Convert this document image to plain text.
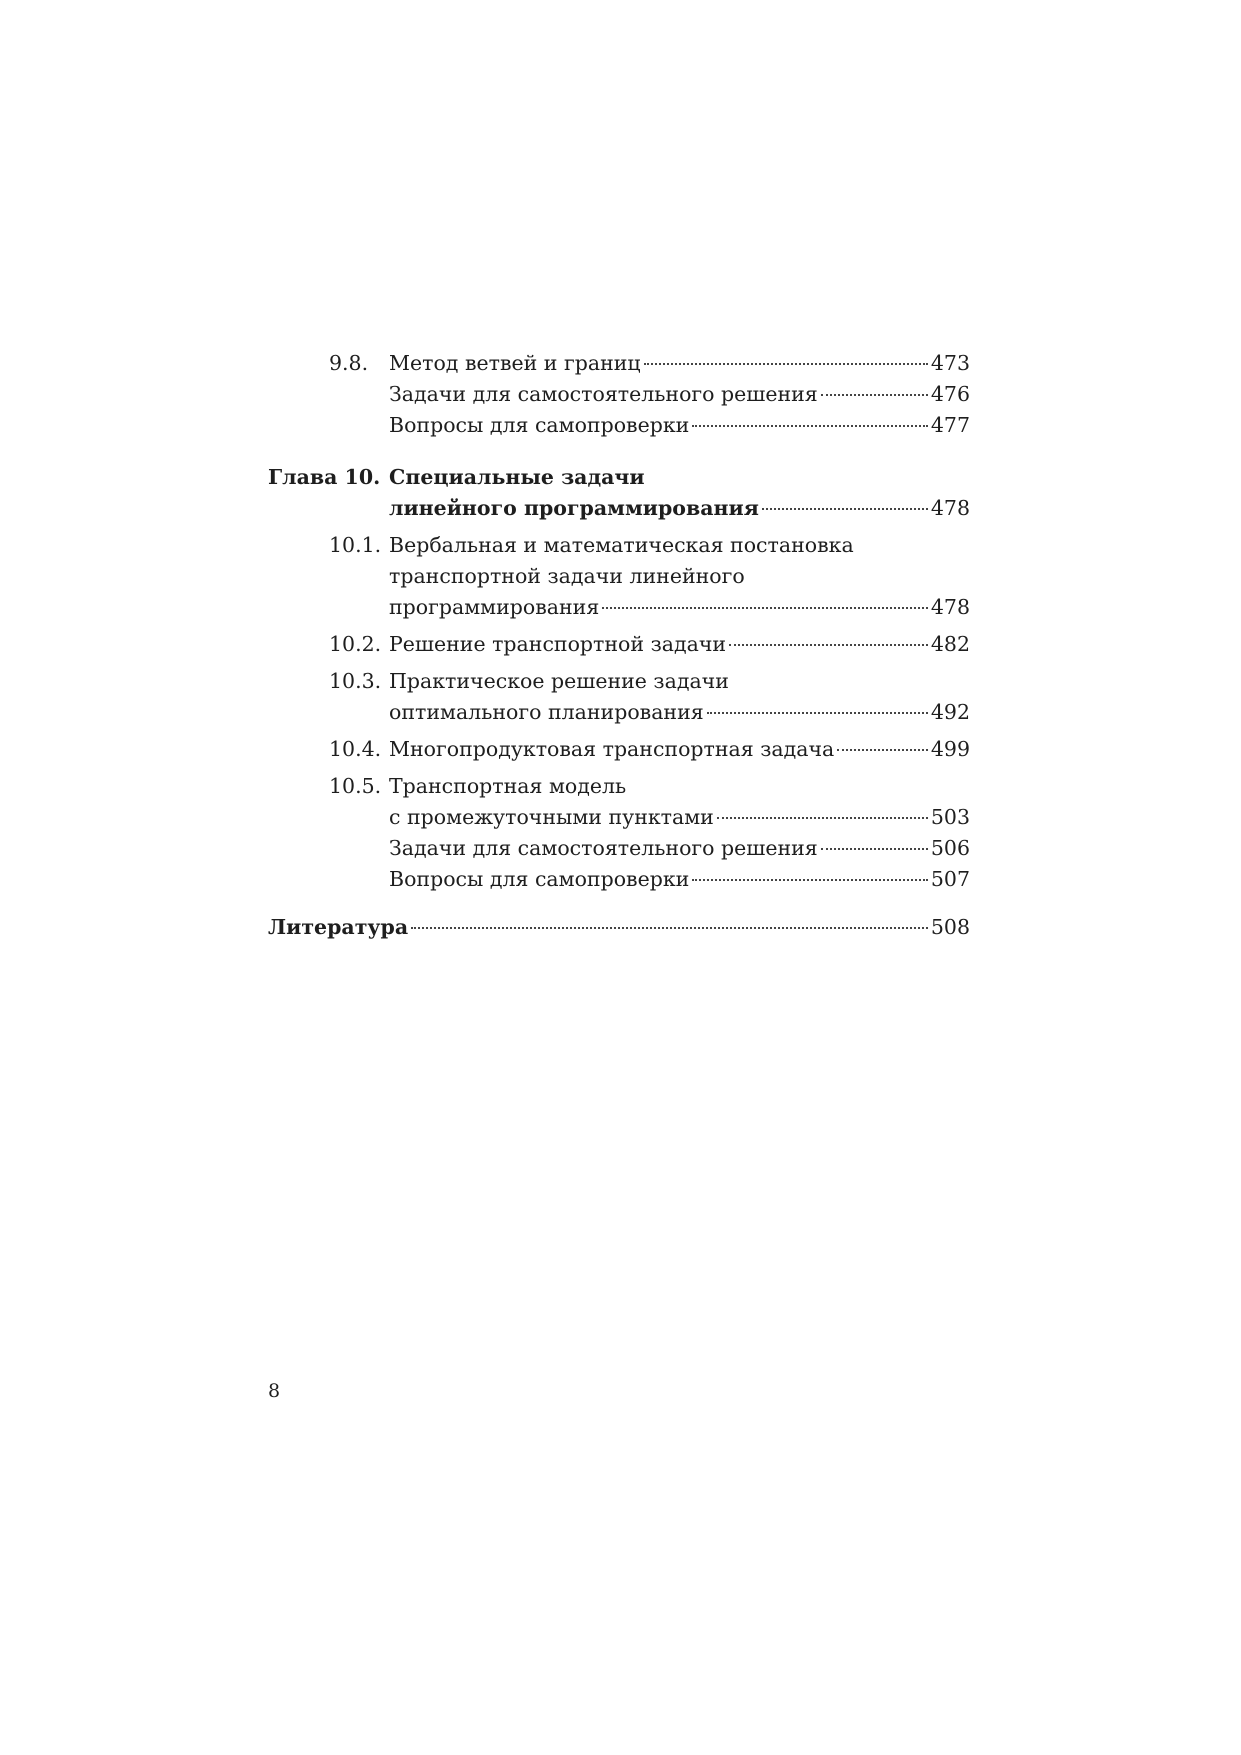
9.8.	Метод ветвей и границ	473
Задачи для самостоятельного решения	476
Вопросы для самопроверки	477
Глава 10. Специальные задачи
линейного программирования	478
10.1. Вербальная и математическая постановка
транспортной задачи линейного
программирования	478
10.2. Решение транспортной задачи	482
10.3. Практическое решение задачи
оптимального планирования	492
10.4. Многопродуктовая транспортная задача	499
10.5. Транспортная модель
с промежуточными пунктами	503
Задачи для самостоятельного решения	506
Вопросы для самопроверки	507
Литература	508
8
